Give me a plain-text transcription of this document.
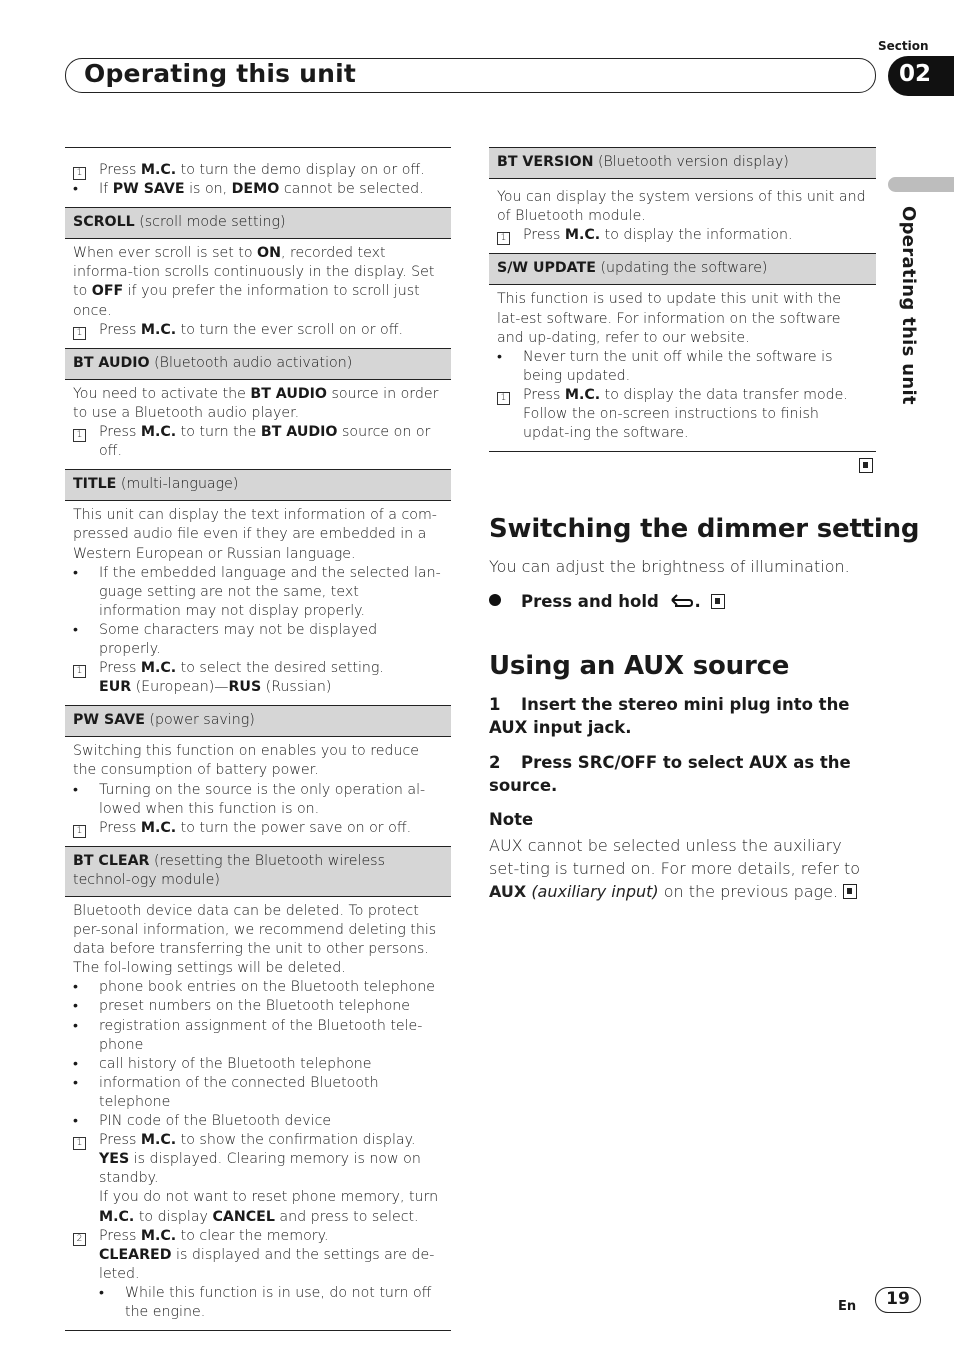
Section
Operating this unit	02
Operating this unit
1	Press M.C. to turn the demo display on or off.
•	If PW SAVE is on, DEMO cannot be selected.
SCROLL (scroll mode setting)
When ever scroll is set to ON, recorded text informa-tion scrolls continuously in the display. Set to OFF if you prefer the information to scroll just once.
1	Press M.C. to turn the ever scroll on or off.
BT AUDIO (Bluetooth audio activation)
You need to activate the BT AUDIO source in order to use a Bluetooth audio player.
1	Press M.C. to turn the BT AUDIO source on or off.
TITLE (multi-language)
This unit can display the text information of a com-pressed audio file even if they are embedded in a Western European or Russian language.
•	If the embedded language and the selected lan-guage setting are not the same, text information may not display properly.
•	Some characters may not be displayed properly.
1	Press M.C. to select the desired setting.
EUR (European)—RUS (Russian)
PW SAVE (power saving)
Switching this function on enables you to reduce the consumption of battery power.
•	Turning on the source is the only operation al-lowed when this function is on.
1	Press M.C. to turn the power save on or off.
BT CLEAR (resetting the Bluetooth wireless technol-ogy module)
Bluetooth device data can be deleted. To protect per-sonal information, we recommend deleting this data before transferring the unit to other persons. The fol-lowing settings will be deleted.
•	phone book entries on the Bluetooth telephone
•	preset numbers on the Bluetooth telephone
•	registration assignment of the Bluetooth tele-phone
•	call history of the Bluetooth telephone
•	information of the connected Bluetooth telephone
•	PIN code of the Bluetooth device
1	Press M.C. to show the confirmation display.
YES is displayed. Clearing memory is now on standby.
If you do not want to reset phone memory, turn M.C. to display CANCEL and press to select.
2	Press M.C. to clear the memory.
CLEARED is displayed and the settings are de-leted.
•	While this function is in use, do not turn off the engine.
BT VERSION (Bluetooth version display)
You can display the system versions of this unit and of Bluetooth module.
1	Press M.C. to display the information.
S/W UPDATE (updating the software)
This function is used to update this unit with the lat-est software. For information on the software and up-dating, refer to our website.
•	Never turn the unit off while the software is being updated.
1	Press M.C. to display the data transfer mode. Follow the on-screen instructions to finish updat-ing the software.
Switching the dimmer setting
You can adjust the brightness of illumination.
Press and hold .
Using an AUX source
1 Insert the stereo mini plug into the AUX input jack.
2 Press SRC/OFF to select AUX as the source.
Note
AUX cannot be selected unless the auxiliary set-ting is turned on. For more details, refer to AUX (auxiliary input) on the previous page.
En	19
